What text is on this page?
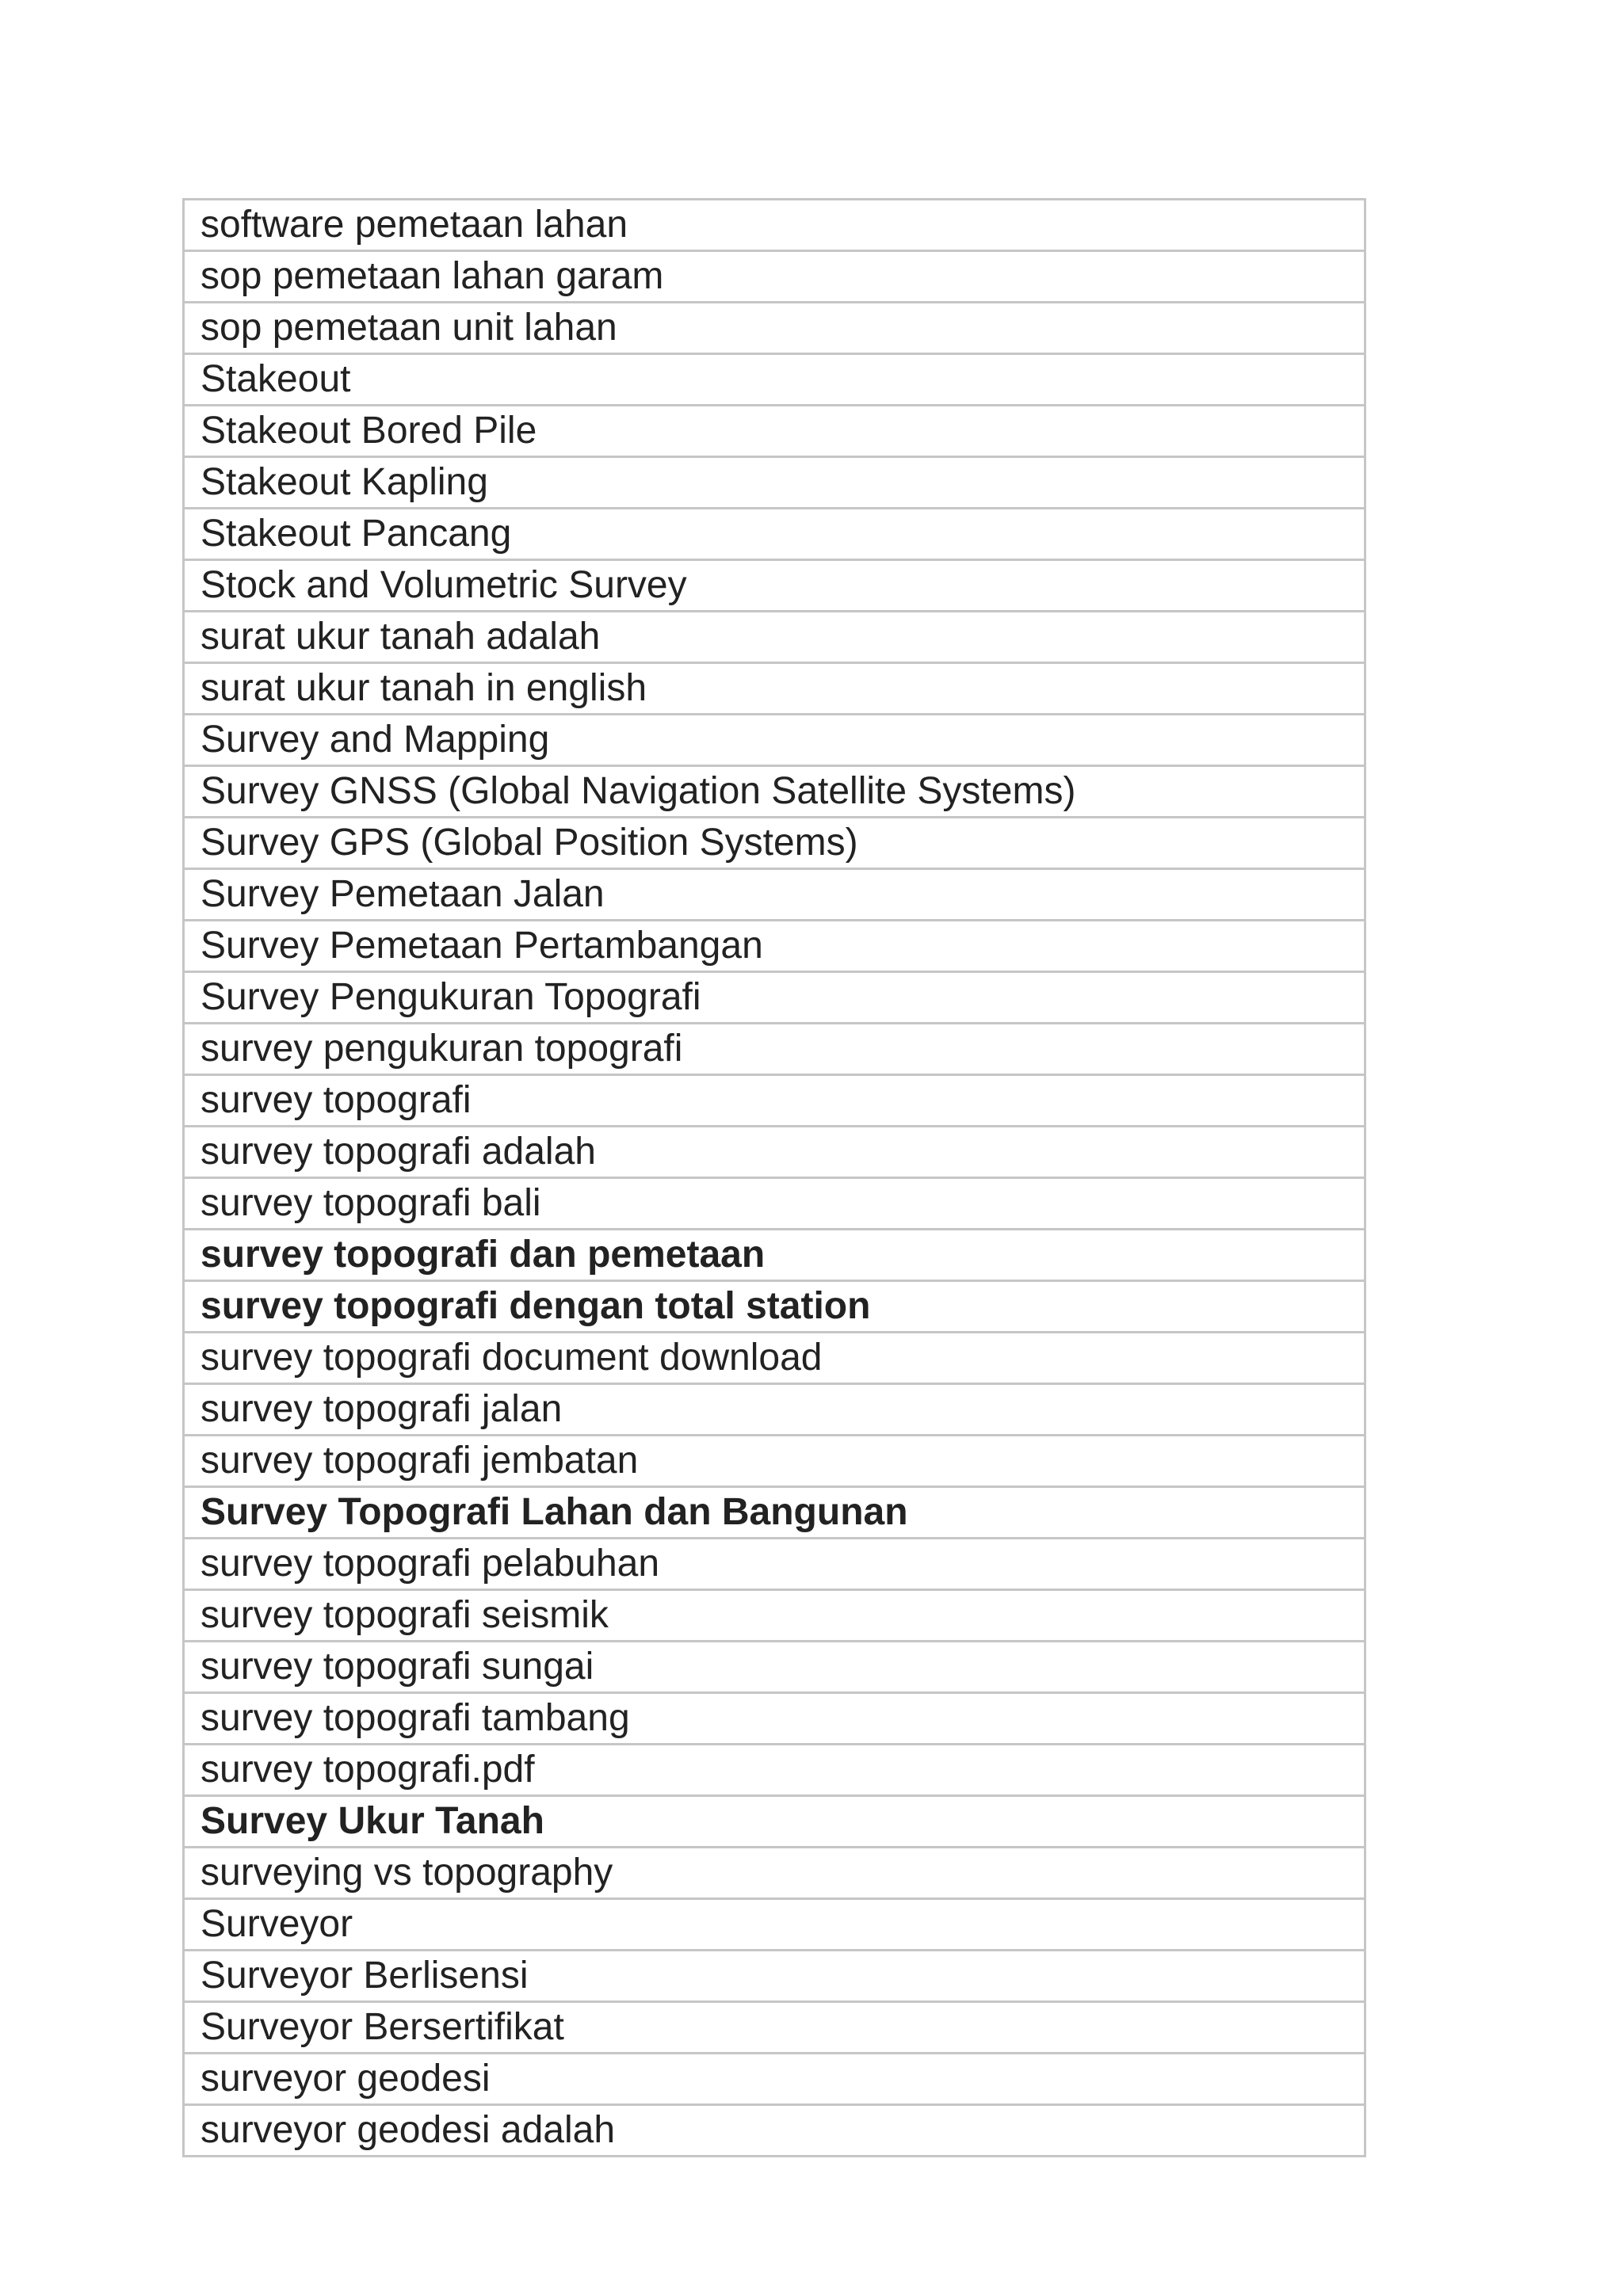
software pemetaan lahan
sop pemetaan lahan garam
sop pemetaan unit lahan
Stakeout
Stakeout Bored Pile
Stakeout Kapling
Stakeout Pancang
Stock and Volumetric Survey
surat ukur tanah adalah
surat ukur tanah in english
Survey and Mapping
Survey GNSS (Global Navigation Satellite Systems)
Survey GPS (Global Position Systems)
Survey Pemetaan Jalan
Survey Pemetaan Pertambangan
Survey Pengukuran Topografi
survey pengukuran topografi
survey topografi
survey topografi adalah
survey topografi bali
survey topografi dan pemetaan
survey topografi dengan total station
survey topografi document download
survey topografi jalan
survey topografi jembatan
Survey Topografi Lahan dan Bangunan
survey topografi pelabuhan
survey topografi seismik
survey topografi sungai
survey topografi tambang
survey topografi.pdf
Survey Ukur Tanah
surveying vs topography
Surveyor
Surveyor Berlisensi
Surveyor Bersertifikat
surveyor geodesi
surveyor geodesi adalah
